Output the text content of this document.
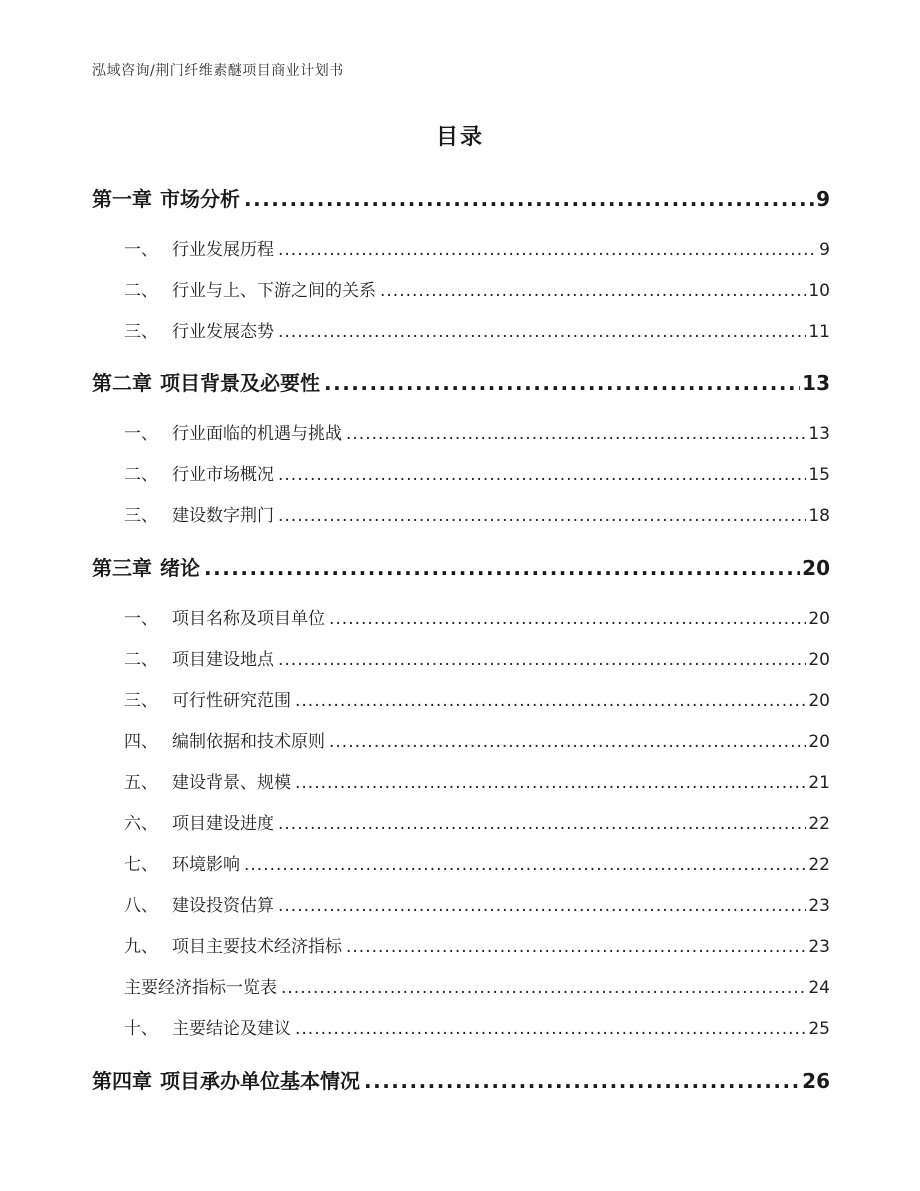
泓域咨询/荆门纤维素醚项目商业计划书
目录
第一章 市场分析 .....	9
一、 行业发展历程 .....	9
二、 行业与上、下游之间的关系 .....	10
三、 行业发展态势 .....	11
第二章 项目背景及必要性 .....	13
一、 行业面临的机遇与挑战 .....	13
二、 行业市场概况 .....	15
三、 建设数字荆门 .....	18
第三章 绪论 .....	20
一、 项目名称及项目单位 .....	20
二、 项目建设地点 .....	20
三、 可行性研究范围 .....	20
四、 编制依据和技术原则 .....	20
五、 建设背景、规模 .....	21
六、 项目建设进度 .....	22
七、 环境影响 .....	22
八、 建设投资估算 .....	23
九、 项目主要技术经济指标 .....	23
主要经济指标一览表 .....	24
十、 主要结论及建议 .....	25
第四章 项目承办单位基本情况 .....	26
